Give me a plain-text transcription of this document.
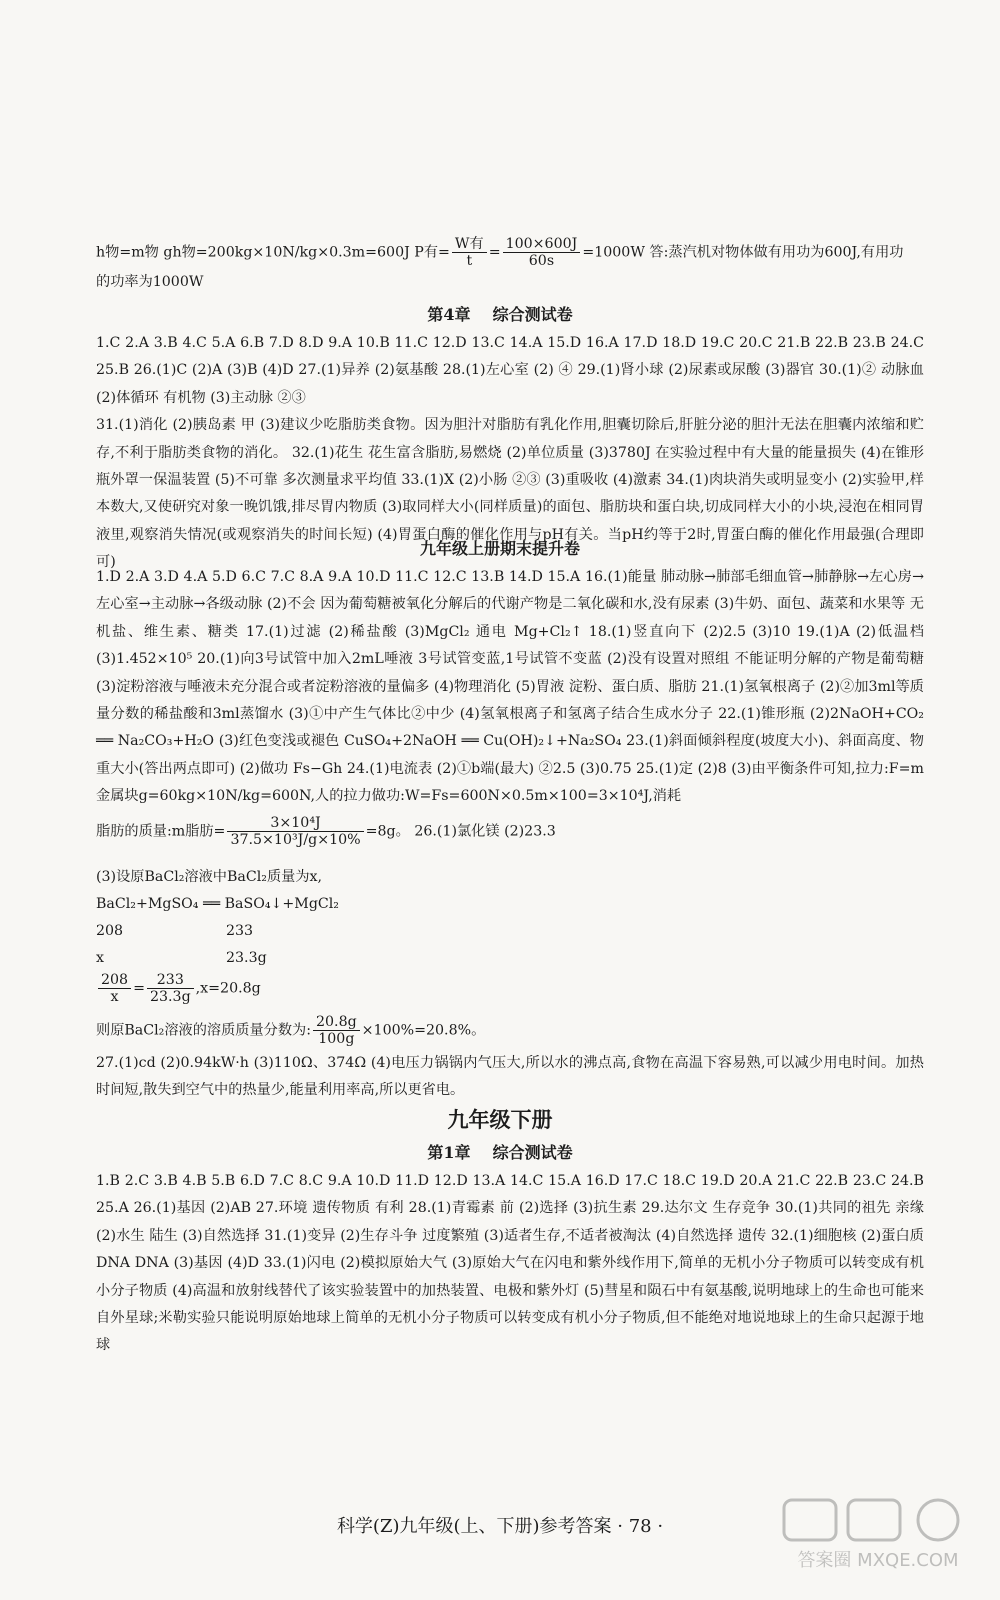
h物=m物 gh物=200kg×10N/kg×0.3m=600J P有= $\frac{\text{W有}}{t} = \frac{100\times 600J}{60s} =1000W$ 答:蒸汽机对物体做有用功为600J,有用功

的功率为1000W

第4章 综合测试卷

1.C 2.A 3.B 4.C 5.A 6.B 7.D 8.D 9.A 10.B 11.C 12.D 13.C 14.A 15.D 16.A 17.D 18.D 19.C 20.C 21.B 22.B 23.B 24.C 25.B 26.(1)C (2)A (3)B (4)D 27.(1)异养 (2)氨基酸 28.(1)左心室 (2) ④ 29.(1)肾小球 (2)尿素或尿酸 (3)器官 30.(1)② 动脉血 (2)体循环 有机物 (3)主动脉 ②③

31.(1)消化 (2)胰岛素 甲 (3)建议少吃脂肪类食物。因为胆汁对脂肪有乳化作用,胆囊切除后,肝脏分泌的胆汁无法在胆囊内浓缩和贮存,不利于脂肪类食物的消化。 32.(1)花生 花生富含脂肪,易燃烧 (2)单位质量 (3)3780J 在实验过程中有大量的能量损失 (4)在锥形瓶外罩一保温装置 (5)不可靠 多次测量求平均值 33.(1)X (2)小肠 ②③ (3)重吸收 (4)激素 34.(1)肉块消失或明显变小 (2)实验甲,样本数大,又使研究对象一晚饥饿,排尽胃内物质 (3)取同样大小(同样质量)的面包、脂肪块和蛋白块,切成同样大小的小块,浸泡在相同胃液里,观察消失情况(或观察消失的时间长短) (4)胃蛋白酶的催化作用与pH有关。当pH约等于2时,胃蛋白酶的催化作用最强(合理即可)

九年级上册期末提升卷

1.D 2.A 3.D 4.A 5.D 6.C 7.C 8.A 9.A 10.D 11.C 12.C 13.B 14.D 15.A 16.(1)能量 肺动脉→肺部毛细血管→肺静脉→左心房→左心室→主动脉→各级动脉 (2)不会 因为葡萄糖被氧化分解后的代谢产物是二氧化碳和水,没有尿素 (3)牛奶、面包、蔬菜和水果等 无机盐、维生素、糖类 17.(1)过滤 (2)稀盐酸 (3)MgCl₂ 通电 Mg+Cl₂↑ 18.(1)竖直向下 (2)2.5 (3)10 19.(1)A (2)低温档 (3)1.452×10⁵ 20.(1)向3号试管中加入2mL唾液 3号试管变蓝,1号试管不变蓝 (2)没有设置对照组 不能证明分解的产物是葡萄糖 (3)淀粉溶液与唾液未充分混合或者淀粉溶液的量偏多 (4)物理消化 (5)胃液 淀粉、蛋白质、脂肪 21.(1)氢氧根离子 (2)②加3ml等质量分数的稀盐酸和3ml蒸馏水 (3)①中产生气体比②中少 (4)氢氧根离子和氢离子结合生成水分子 22.(1)锥形瓶 (2)2NaOH+CO₂ ══ Na₂CO₃+H₂O (3)红色变浅或褪色 CuSO₄+2NaOH ══ Cu(OH)₂↓+Na₂SO₄ 23.(1)斜面倾斜程度(坡度大小)、斜面高度、物重大小(答出两点即可) (2)做功 Fs−Gh 24.(1)电流表 (2)①b端(最大) ②2.5 (3)0.75 25.(1)定 (2)8 (3)由平衡条件可知,拉力:F=m金属块g=60kg×10N/kg=600N,人的拉力做功:W=Fs=600N×0.5m×100=3×10⁴J,消耗

脂肪的质量:m脂肪= $\frac{\text{3×10⁴J}}{\text{37.5×10³J/g×10\%}} =8g$。 26.(1)氯化镁 (2)23.3
(3)设原BaCl₂溶液中BaCl₂质量为x,
BaCl₂+MgSO₄ ══ BaSO₄↓+MgCl₂
208	233
x	23.3g
$\frac{208}{x} = \frac{233}{23.3g} ,x=20.8g$
则原BaCl₂溶液的溶质质量分数为: $\frac{20.8g}{100g} \times 100\%=20.8\%$。

27.(1)cd (2)0.94kW·h (3)110Ω、374Ω (4)电压力锅锅内气压大,所以水的沸点高,食物在高温下容易熟,可以减少用电时间。加热时间短,散失到空气中的热量少,能量利用率高,所以更省电。

九年级下册
第1章 综合测试卷

1.B 2.C 3.B 4.B 5.B 6.D 7.C 8.C 9.A 10.D 11.D 12.D 13.A 14.C 15.A 16.D 17.C 18.C 19.D 20.A 21.C 22.B 23.C 24.B 25.A 26.(1)基因 (2)AB 27.环境 遗传物质 有利 28.(1)青霉素 前 (2)选择 (3)抗生素 29.达尔文 生存竞争 30.(1)共同的祖先 亲缘 (2)水生 陆生 (3)自然选择 31.(1)变异 (2)生存斗争 过度繁殖 (3)适者生存,不适者被淘汰 (4)自然选择 遗传 32.(1)细胞核 (2)蛋白质 DNA DNA (3)基因 (4)D 33.(1)闪电 (2)模拟原始大气 (3)原始大气在闪电和紫外线作用下,简单的无机小分子物质可以转变成有机小分子物质 (4)高温和放射线替代了该实验装置中的加热装置、电极和紫外灯 (5)彗星和陨石中有氨基酸,说明地球上的生命也可能来自外星球;米勒实验只能说明原始地球上简单的无机小分子物质可以转变成有机小分子物质,但不能绝对地说地球上的生命只起源于地球

科学(Z)九年级(上、下册)参考答案 · 78 ·
答案圈 MXQE.COM
